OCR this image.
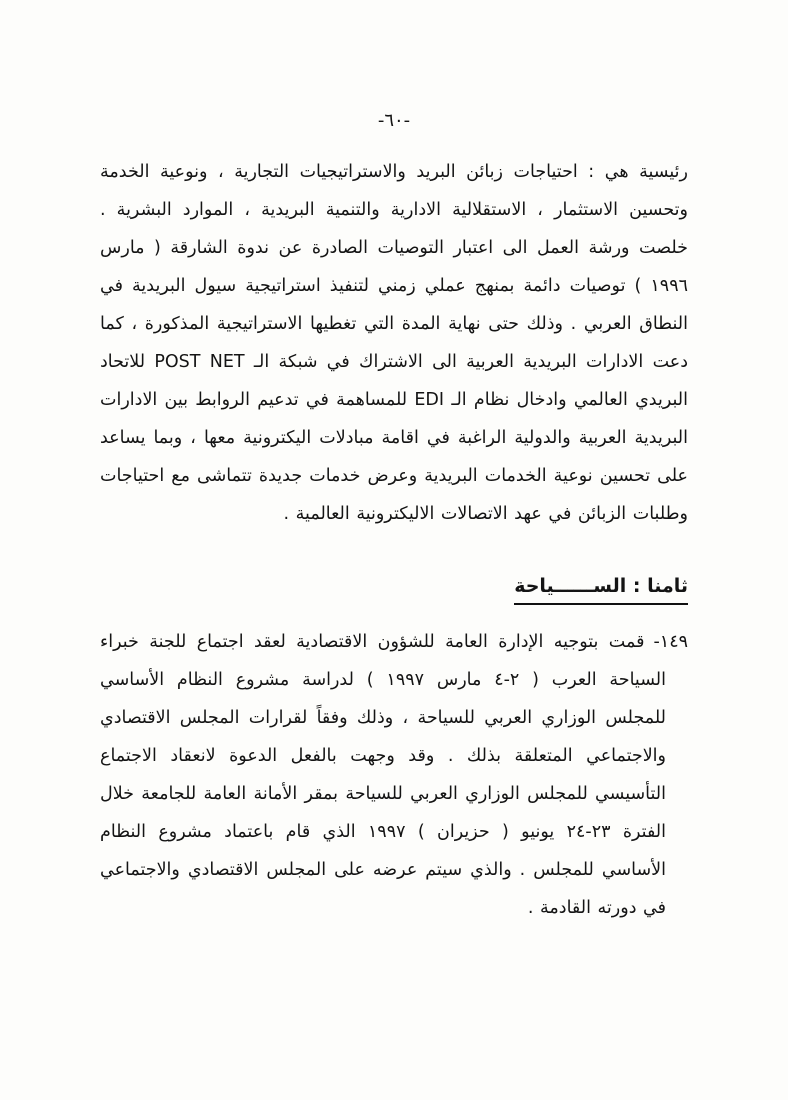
-٦٠-

رئيسية هي : احتياجات زبائن البريد والاستراتيجيات التجارية ، ونوعية الخدمة وتحسين الاستثمار ، الاستقلالية الادارية والتنمية البريدية ، الموارد البشرية . خلصت ورشة العمل الى اعتبار التوصيات الصادرة عن ندوة الشارقة ( مارس ١٩٩٦ ) توصيات دائمة بمنهج عملي زمني لتنفيذ استراتيجية سيول البريدية في النطاق العربي . وذلك حتى نهاية المدة التي تغطيها الاستراتيجية المذكورة ، كما دعت الادارات البريدية العربية الى الاشتراك في شبكة الـ POST NET للاتحاد البريدي العالمي وادخال نظام الـ EDI للمساهمة في تدعيم الروابط بين الادارات البريدية العربية والدولية الراغبة في اقامة مبادلات اليكترونية معها ، وبما يساعد على تحسين نوعية الخدمات البريدية وعرض خدمات جديدة تتماشى مع احتياجات وطلبات الزبائن في عهد الاتصالات الاليكترونية العالمية .

ثامنا : الســــــياحة

١٤٩-قمت بتوجيه الإدارة العامة للشؤون الاقتصادية لعقد اجتماع للجنة خبراء السياحة العرب ( ٢-٤ مارس ١٩٩٧ ) لدراسة مشروع النظام الأساسي للمجلس الوزاري العربي للسياحة ، وذلك وفقاً لقرارات المجلس الاقتصادي والاجتماعي المتعلقة بذلك . وقد وجهت بالفعل الدعوة لانعقاد الاجتماع التأسيسي للمجلس الوزاري العربي للسياحة بمقر الأمانة العامة للجامعة خلال الفترة ٢٣-٢٤ يونيو ( حزيران ) ١٩٩٧ الذي قام باعتماد مشروع النظام الأساسي للمجلس . والذي سيتم عرضه على المجلس الاقتصادي والاجتماعي في دورته القادمة .
